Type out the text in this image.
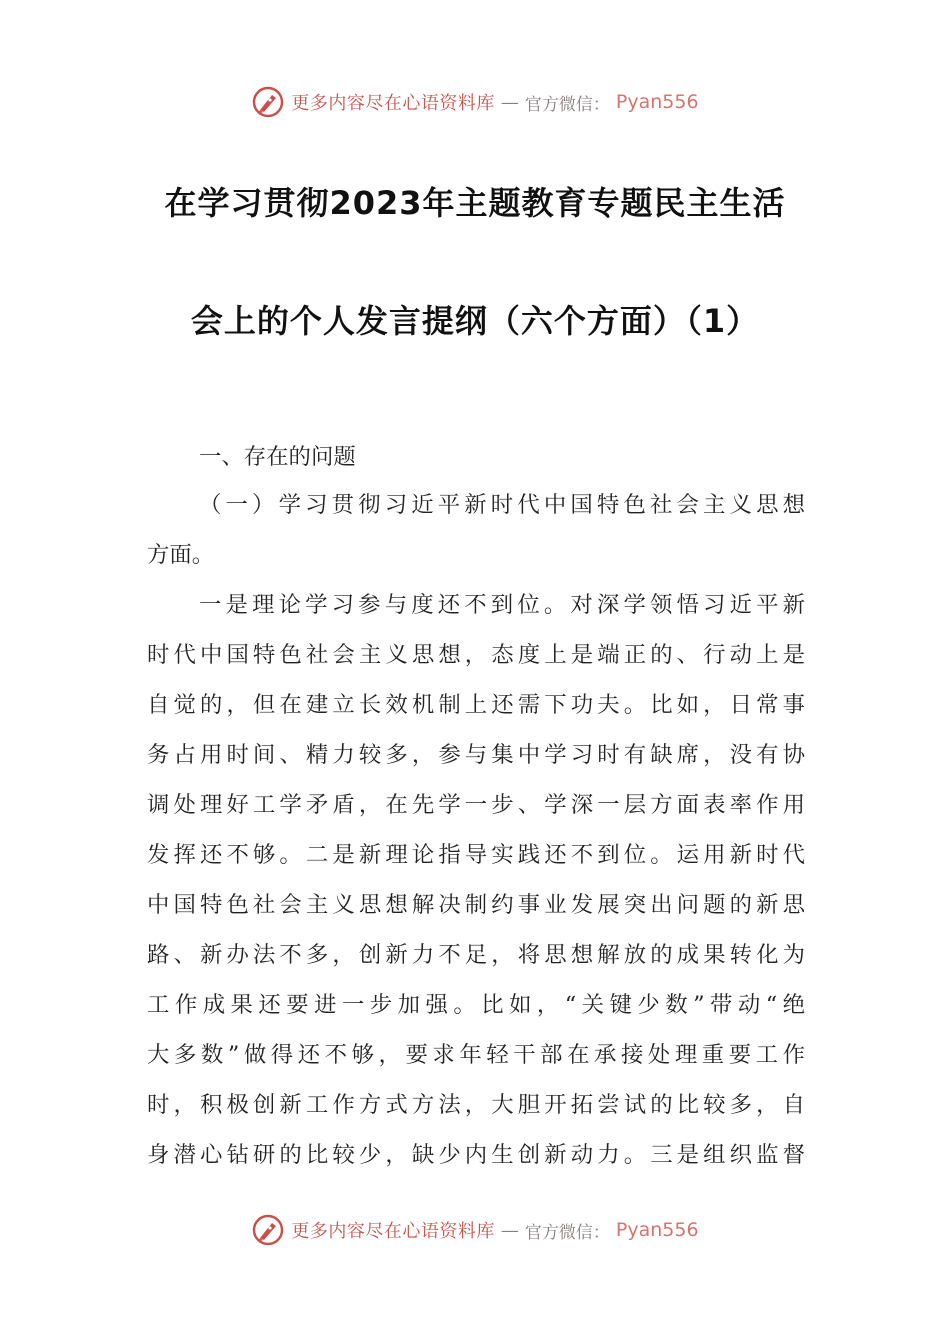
更多内容尽在心语资料库 — 官方微信： Pyan556
在学习贯彻2023年主题教育专题民主生活
会上的个人发言提纲（六个方面）（1）
一、存在的问题
（一）学习贯彻习近平新时代中国特色社会主义思想
方面。
一是理论学习参与度还不到位。对深学领悟习近平新
时代中国特色社会主义思想，态度上是端正的、行动上是
自觉的，但在建立长效机制上还需下功夫。比如，日常事
务占用时间、精力较多，参与集中学习时有缺席，没有协
调处理好工学矛盾，在先学一步、学深一层方面表率作用
发挥还不够。二是新理论指导实践还不到位。运用新时代
中国特色社会主义思想解决制约事业发展突出问题的新思
路、新办法不多，创新力不足，将思想解放的成果转化为
工作成果还要进一步加强。比如，“关键少数”带动“绝
大多数”做得还不够，要求年轻干部在承接处理重要工作
时，积极创新工作方式方法，大胆开拓尝试的比较多，自
身潜心钻研的比较少，缺少内生创新动力。三是组织监督
更多内容尽在心语资料库 — 官方微信： Pyan556
